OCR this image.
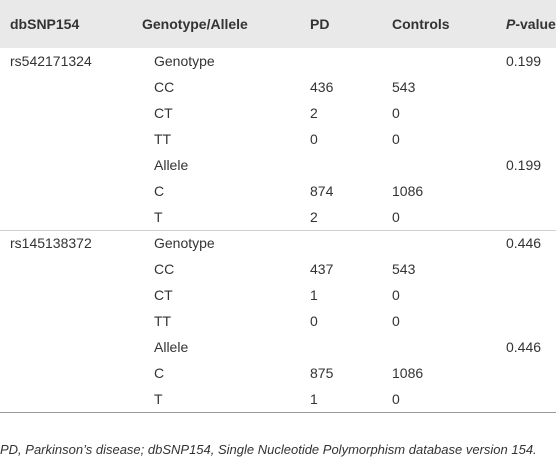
dbSNP154	Genotype/Allele	PD	Controls	P-value
rs542171324	Genotype			0.199
	CC	436	543	
	CT	2	0	
	TT	0	0	
	Allele			0.199
	C	874	1086	
	T	2	0	
rs145138372	Genotype			0.446
	CC	437	543	
	CT	1	0	
	TT	0	0	
	Allele			0.446
	C	875	1086	
	T	1	0	
PD, Parkinson’s disease; dbSNP154, Single Nucleotide Polymorphism database version 154.
